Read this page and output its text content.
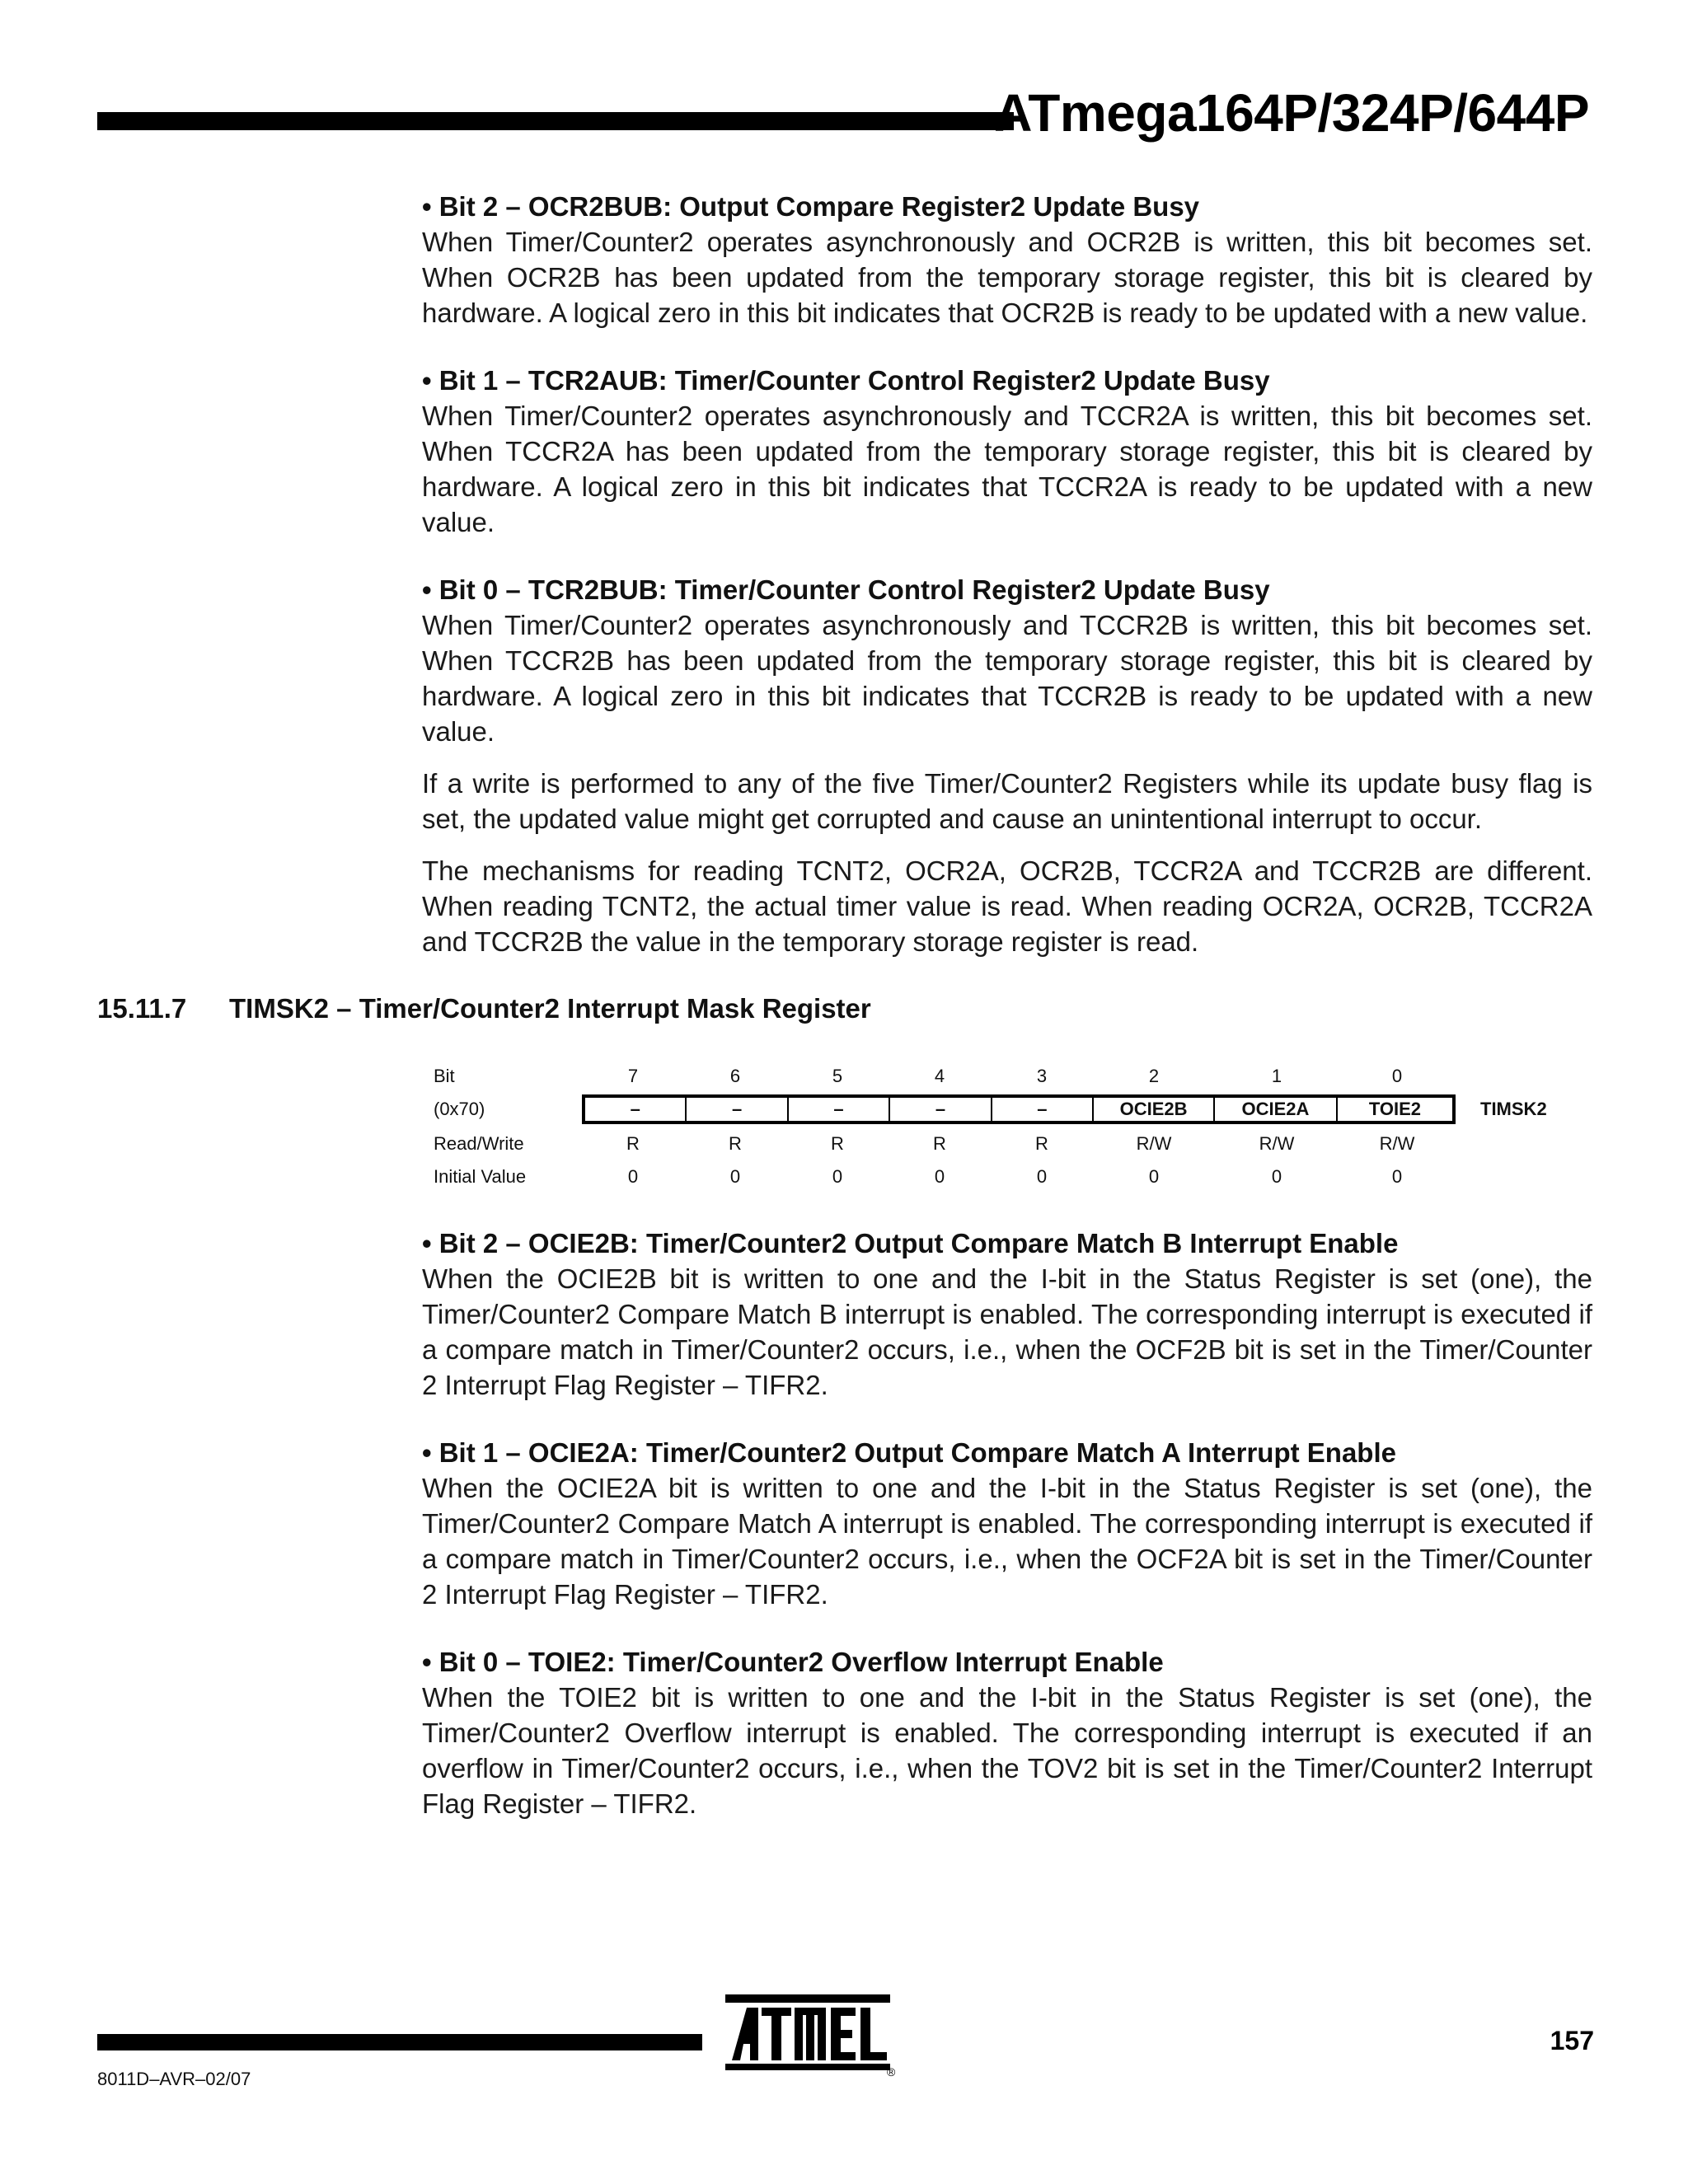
ATmega164P/324P/644P

• Bit 2 – OCR2BUB: Output Compare Register2 Update Busy

When Timer/Counter2 operates asynchronously and OCR2B is written, this bit becomes set. When OCR2B has been updated from the temporary storage register, this bit is cleared by hardware. A logical zero in this bit indicates that OCR2B is ready to be updated with a new value.

• Bit 1 – TCR2AUB: Timer/Counter Control Register2 Update Busy

When Timer/Counter2 operates asynchronously and TCCR2A is written, this bit becomes set. When TCCR2A has been updated from the temporary storage register, this bit is cleared by hardware. A logical zero in this bit indicates that TCCR2A is ready to be updated with a new value.

• Bit 0 – TCR2BUB: Timer/Counter Control Register2 Update Busy

When Timer/Counter2 operates asynchronously and TCCR2B is written, this bit becomes set. When TCCR2B has been updated from the temporary storage register, this bit is cleared by hardware. A logical zero in this bit indicates that TCCR2B is ready to be updated with a new value.

If a write is performed to any of the five Timer/Counter2 Registers while its update busy flag is set, the updated value might get corrupted and cause an unintentional interrupt to occur.

The mechanisms for reading TCNT2, OCR2A, OCR2B, TCCR2A and TCCR2B are different. When reading TCNT2, the actual timer value is read. When reading OCR2A, OCR2B, TCCR2A and TCCR2B the value in the temporary storage register is read.

15.11.7 TIMSK2 – Timer/Counter2 Interrupt Mask Register
Bit	7	6	5	4	3	2	1	0
(0x70)	–	–	–	–	–	OCIE2B	OCIE2A	TOIE2	TIMSK2
Read/Write	R	R	R	R	R	R/W	R/W	R/W
Initial Value	0	0	0	0	0	0	0	0

• Bit 2 – OCIE2B: Timer/Counter2 Output Compare Match B Interrupt Enable

When the OCIE2B bit is written to one and the I-bit in the Status Register is set (one), the Timer/Counter2 Compare Match B interrupt is enabled. The corresponding interrupt is executed if a compare match in Timer/Counter2 occurs, i.e., when the OCF2B bit is set in the Timer/Counter 2 Interrupt Flag Register – TIFR2.

• Bit 1 – OCIE2A: Timer/Counter2 Output Compare Match A Interrupt Enable

When the OCIE2A bit is written to one and the I-bit in the Status Register is set (one), the Timer/Counter2 Compare Match A interrupt is enabled. The corresponding interrupt is executed if a compare match in Timer/Counter2 occurs, i.e., when the OCF2A bit is set in the Timer/Counter 2 Interrupt Flag Register – TIFR2.

• Bit 0 – TOIE2: Timer/Counter2 Overflow Interrupt Enable

When the TOIE2 bit is written to one and the I-bit in the Status Register is set (one), the Timer/Counter2 Overflow interrupt is enabled. The corresponding interrupt is executed if an overflow in Timer/Counter2 occurs, i.e., when the TOV2 bit is set in the Timer/Counter2 Interrupt Flag Register – TIFR2.

8011D–AVR–02/07
157
®
